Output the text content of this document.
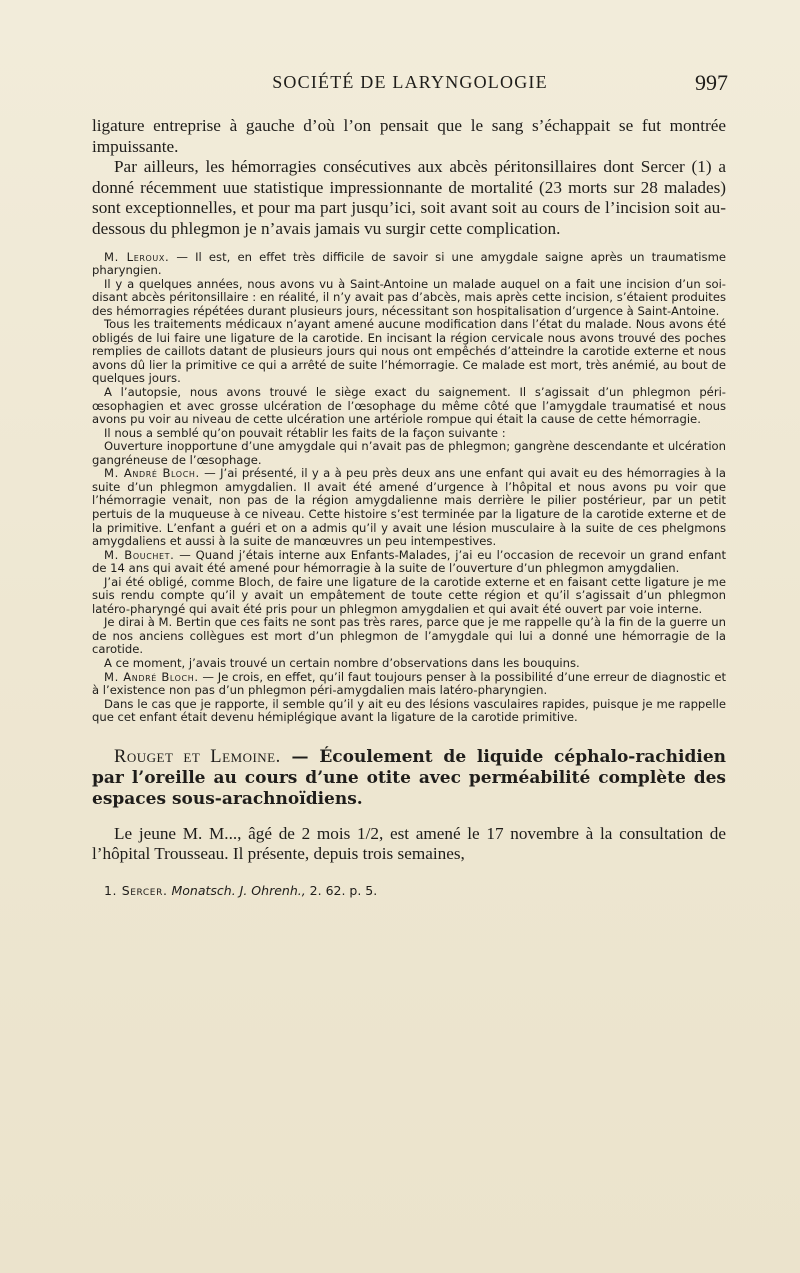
SOCIÉTÉ DE LARYNGOLOGIE	997

ligature entreprise à gauche d’où l’on pensait que le sang s’échappait se fut montrée impuissante.

Par ailleurs, les hémorragies consécutives aux abcès péritonsillaires dont Sercer (1) a donné récemment uue statistique impressionnante de mortalité (23 morts sur 28 malades) sont exceptionnelles, et pour ma part jusqu’ici, soit avant soit au cours de l’incision soit au-dessous du phlegmon je n’avais jamais vu surgir cette complication.

M. Leroux. — Il est, en effet très difficile de savoir si une amygdale saigne après un traumatisme pharyngien.

Il y a quelques années, nous avons vu à Saint-Antoine un malade auquel on a fait une incision d’un soi-disant abcès péritonsillaire : en réalité, il n’y avait pas d’abcès, mais après cette incision, s’étaient produites des hémorragies répétées durant plusieurs jours, nécessitant son hospitalisation d’urgence à Saint-Antoine.

Tous les traitements médicaux n’ayant amené aucune modification dans l’état du malade. Nous avons été obligés de lui faire une ligature de la carotide. En incisant la région cervicale nous avons trouvé des poches remplies de caillots datant de plusieurs jours qui nous ont empêchés d’atteindre la carotide externe et nous avons dû lier la primitive ce qui a arrêté de suite l’hémorragie. Ce malade est mort, très anémié, au bout de quelques jours.

A l’autopsie, nous avons trouvé le siège exact du saignement. Il s’agissait d’un phlegmon péri-œsophagien et avec grosse ulcération de l’œsophage du même côté que l’amygdale traumatisé et nous avons pu voir au niveau de cette ulcération une artériole rompue qui était la cause de cette hémorragie.

Il nous a semblé qu’on pouvait rétablir les faits de la façon suivante :

Ouverture inopportune d’une amygdale qui n’avait pas de phlegmon; gangrène descendante et ulcération gangréneuse de l’œsophage.

M. André Bloch. — J’ai présenté, il y a à peu près deux ans une enfant qui avait eu des hémorragies à la suite d’un phlegmon amygdalien. Il avait été amené d’urgence à l’hôpital et nous avons pu voir que l’hémorragie venait, non pas de la région amygdalienne mais derrière le pilier postérieur, par un petit pertuis de la muqueuse à ce niveau. Cette histoire s’est terminée par la ligature de la carotide externe et de la primitive. L’enfant a guéri et on a admis qu’il y avait une lésion musculaire à la suite de ces phelgmons amygdaliens et aussi à la suite de manœuvres un peu intempestives.

M. Bouchet. — Quand j’étais interne aux Enfants-Malades, j’ai eu l’occasion de recevoir un grand enfant de 14 ans qui avait été amené pour hémorragie à la suite de l’ouverture d’un phlegmon amygdalien.

J’ai été obligé, comme Bloch, de faire une ligature de la carotide externe et en faisant cette ligature je me suis rendu compte qu’il y avait un empâtement de toute cette région et qu’il s’agissait d’un phlegmon latéro-pharyngé qui avait été pris pour un phlegmon amygdalien et qui avait été ouvert par voie interne.

Je dirai à M. Bertin que ces faits ne sont pas très rares, parce que je me rappelle qu’à la fin de la guerre un de nos anciens collègues est mort d’un phlegmon de l’amygdale qui lui a donné une hémorragie de la carotide.

A ce moment, j’avais trouvé un certain nombre d’observations dans les bouquins.

M. André Bloch. — Je crois, en effet, qu’il faut toujours penser à la possibilité d’une erreur de diagnostic et à l’existence non pas d’un phlegmon péri-amygdalien mais latéro-pharyngien.

Dans le cas que je rapporte, il semble qu’il y ait eu des lésions vasculaires rapides, puisque je me rappelle que cet enfant était devenu hémiplégique avant la ligature de la carotide primitive.

Rouget et Lemoine. — Écoulement de liquide céphalo-rachidien par l’oreille au cours d’une otite avec perméabilité complète des espaces sous-arachnoïdiens.

Le jeune M. M..., âgé de 2 mois 1/2, est amené le 17 novembre à la consultation de l’hôpital Trousseau. Il présente, depuis trois semaines,

1. Sercer. Monatsch. J. Ohrenh., 2. 62. p. 5.
